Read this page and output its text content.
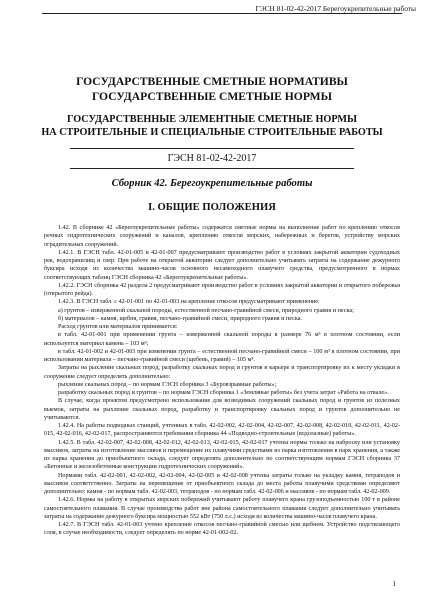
ГЭСН 81-02-42-2017 Берегоукрепительные работы
ГОСУДАРСТВЕННЫЕ СМЕТНЫЕ НОРМАТИВЫ
ГОСУДАРСТВЕННЫЕ СМЕТНЫЕ НОРМЫ
ГОСУДАРСТВЕННЫЕ ЭЛЕМЕНТНЫЕ СМЕТНЫЕ НОРМЫ
НА СТРОИТЕЛЬНЫЕ И СПЕЦИАЛЬНЫЕ СТРОИТЕЛЬНЫЕ РАБОТЫ
ГЭСН 81-02-42-2017
Сборник 42. Берегоукрепительные работы
I. ОБЩИЕ ПОЛОЖЕНИЯ

1.42. В сборнике 42 «Берегоукрепительные работы» содержатся сметные нормы на выполнение работ по креплению откосов речных гидротехнических сооружений и каналов, креплению откосов морских, набережных и берегов, устройству морских оградительных сооружений.

1.42.1. В ГЭСН табл. 42-01-005 и 42-01-007 предусматривают производство работ в условиях закрытой акватории судоходных рек, водохранилищ и озер. При работе на открытой акватории следует дополнительно учитывать затраты на содержание дежурного буксира исходя из количества машино-часов основного несамоходного плавучего средства, предусмотренного в нормах соответствующих таблиц ГЭСН сборника 42 «Берегоукрепительные работы».

1.42.2. ГЭСН сборника 42 раздела 2 предусматривают производство работ в условиях закрытой акватории и открытого побережья (открытого рейда).

1.42.3. В ГЭСН табл. с 42-01-001 по 42-01-003 на крепление откосов предусматривают применение:

а) грунтов – изверженной скальной породы, естественной песчано-гравийной смеси, природного гравия и песка;

б) материалов – камня, щебня, гравия, песчано-гравийной смеси, природного гравия и песка.

Расход грунтов или материалов принимается:

в табл. 42-01-001 при применении грунта – изверженной скальной породы в размере 76 м³ в плотном состоянии, если используется материал камень – 103 м³;

в табл. 42-01-002 и 42-01-003 при изменении грунта – естественной песчано-гравийной смеси – 100 м³ в плотном состоянии, при использовании материала – песчано-гравийной смеси (щебень, гравий) – 105 м³.

Затраты на рыхление скальных пород, разработку скальных пород и грунтов в карьере и транспортировку их к месту укладки в сооружение следует определять дополнительно:

рыхление скальных пород – по нормам ГЭСН сборника 3 «Буровзрывные работы»;

разработку скальных пород и грунтов – по нормам ГЭСН сборника 1 «Земляные работы» без учета затрат «Работа на отвале».

В случае, когда проектом предусмотрено использование для возводимых сооружений скальных пород и грунтов из полезных выемок, затраты на рыхление скальных пород, разработку и транспортировку скальных пород и грунтов дополнительно не учитываются.

1.42.4. На работы подводных станций, учтенных в табл. 42-02-002, 42-02-004, 42-02-007, 42-02-008, 42-02-010, 42-02-011, 42-02-015, 42-02-016, 42-02-017, распространяются требования сборника 44 «Подводно-строительные (водолазные) работы».

1.42.5. В табл. 42-02-007, 42-02-008, 42-02-012, 42-02-013, 42-02-015, 42-02-017 учтены нормы только на наброску или установку массивов, затраты на изготовление массивов и перемещение их плавучими средствами из парка изготовления в парк хранения, а также из парка хранения до приобъектного склада, следует определять дополнительно по соответствующим нормам ГЭСН сборника 37 «Бетонные и железобетонные конструкции гидротехнических сооружений».

Нормами табл. 42-02-001, 42-02-002, 42-02-004, 42-02-005 и 42-02-008 учтены затраты только на укладку камня, тетраподов и массивов соответственно. Затраты на перемещение от приобъектного склада до места работы плавучими средствами определяют дополнительно: камня - по нормам табл. 42-02-003, тетраподов - по нормам табл. 42-02-006 и массивов - по нормам табл. 42-02-009.

1.42.6. Нормы на работу в открытых морских побережий учитывают работу плавучего крана грузоподъемностью 100 т в районе самостоятельного плавания. В случае производства работ вне района самостоятельного плавания следует дополнительно учитывать затраты на содержание дежурного буксира мощностью 552 кВт (750 л.с.) исходя из количества машино-часов плавучего крана.

1.42.7. В ГЭСН табл. 42-01-003 учтено крепление откосов песчано-гравийной смесью или щебнем. Устройство подстилающего слоя, в случае необходимости, следует определять по норме 42-01-002-02.

1
